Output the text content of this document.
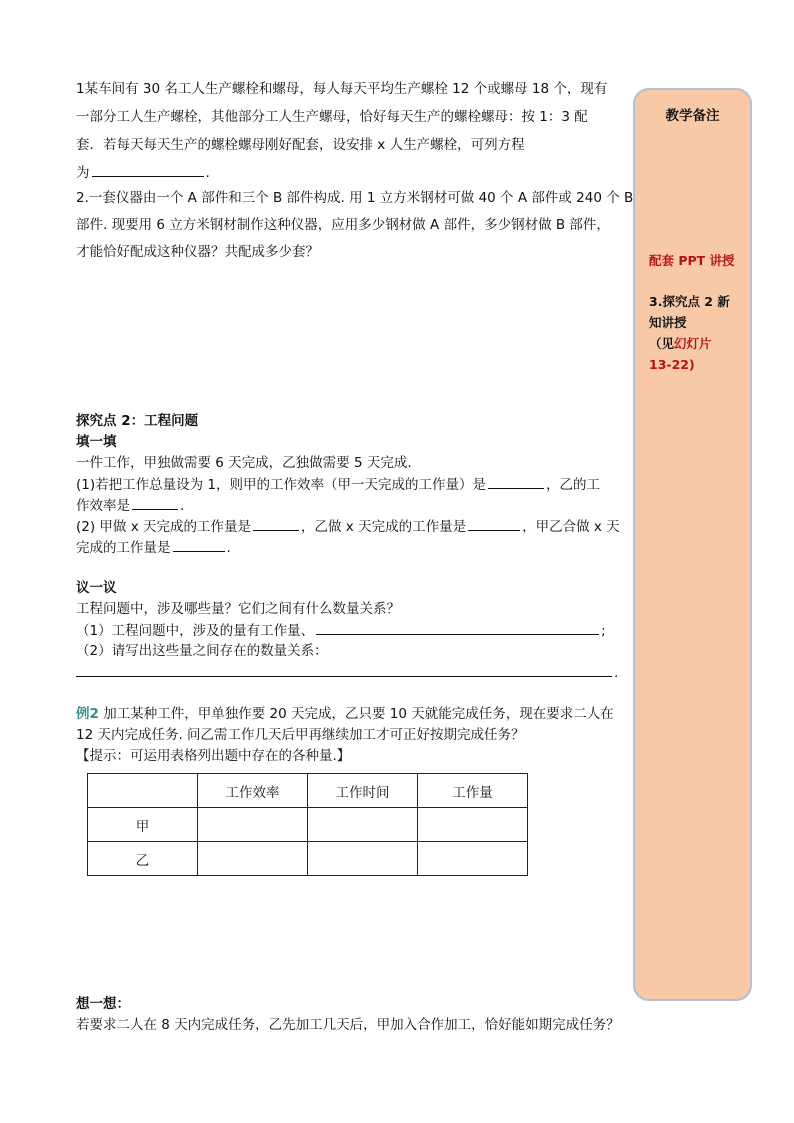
1某车间有 30 名工人生产螺栓和螺母，每人每天平均生产螺栓 12 个或螺母 18 个，现有
一部分工人生产螺栓，其他部分工人生产螺母，恰好每天生产的螺栓螺母：按 1：3 配
套．若每天每天生产的螺栓螺母刚好配套，设安排 x 人生产螺栓，可列方程
为	.
2.一套仪器由一个 A 部件和三个 B 部件构成. 用 1 立方米钢材可做 40 个 A 部件或 240 个 B
部件. 现要用 6 立方米钢材制作这种仪器，应用多少钢材做 A 部件，多少钢材做 B 部件，
才能恰好配成这种仪器？共配成多少套？
探究点 2：工程问题
填一填
一件工作，甲独做需要 6 天完成，乙独做需要 5 天完成.
(1)若把工作总量设为 1，则甲的工作效率（甲一天完成的工作量）是	，乙的工
作效率是	.
(2) 甲做 x 天完成的工作量是	，乙做 x 天完成的工作量是	，甲乙合做 x 天
完成的工作量是	.
议一议
工程问题中，涉及哪些量？它们之间有什么数量关系？
（1）工程问题中，涉及的量有工作量、	;
（2）请写出这些量之间存在的数量关系：
.
例2 加工某种工件，甲单独作要 20 天完成，乙只要 10 天就能完成任务，现在要求二人在
12 天内完成任务. 问乙需工作几天后甲再继续加工才可正好按期完成任务？
【提示：可运用表格列出题中存在的各种量.】
	工作效率	工作时间	工作量
甲			
乙			
想一想：
若要求二人在 8 天内完成任务，乙先加工几天后，甲加入合作加工，恰好能如期完成任务？
教学备注
配套 PPT 讲授
3.探究点 2 新
知讲授
（见幻灯片
13-22)
